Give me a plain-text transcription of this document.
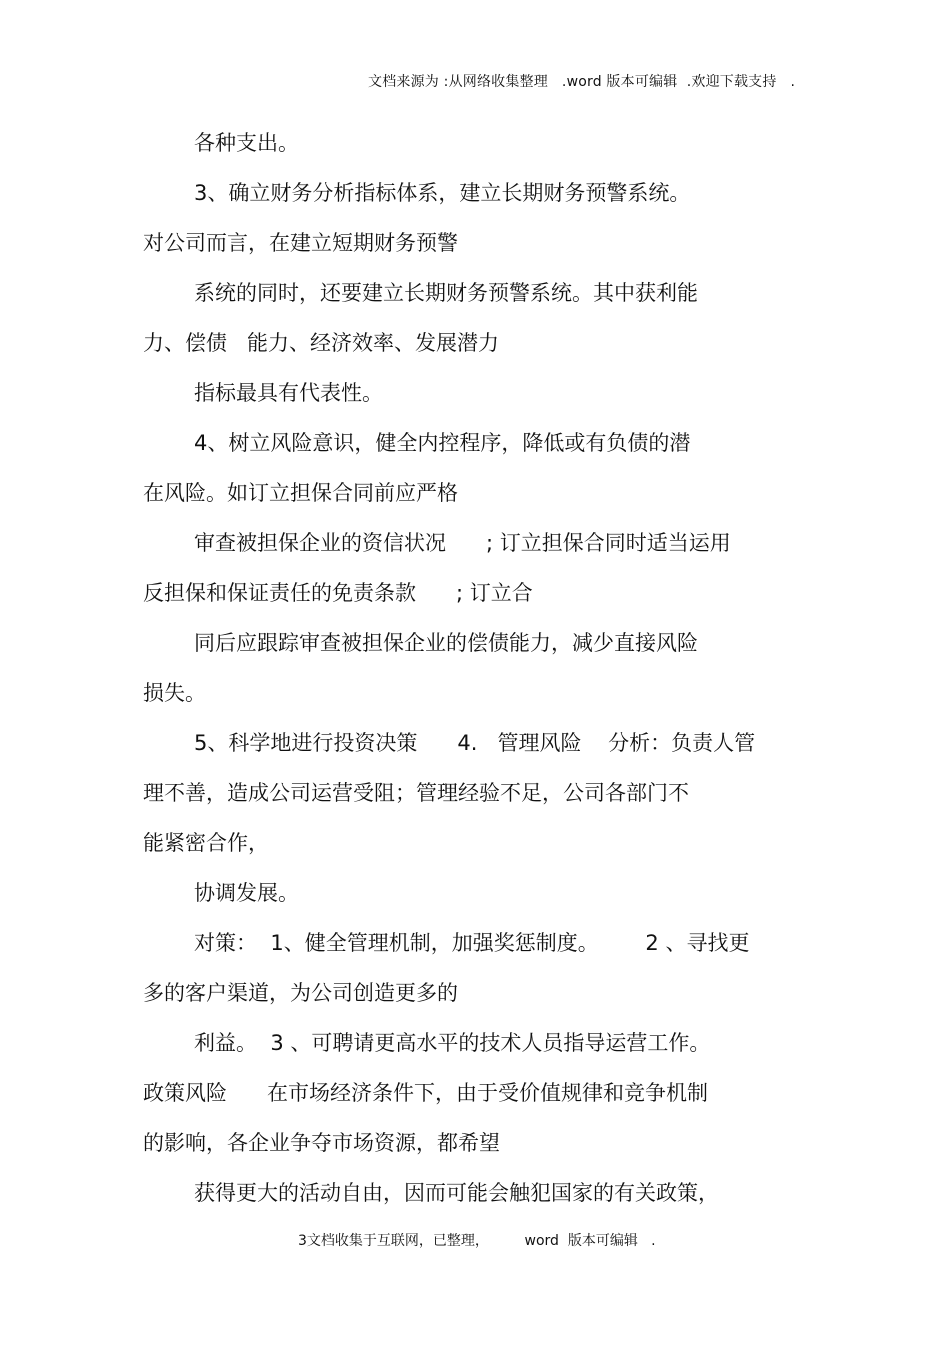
文档来源为 :从网络收集整理   .word 版本可编辑  .欢迎下载支持   .
各种支出。
3、确立财务分析指标体系，建立长期财务预警系统。
对公司而言，在建立短期财务预警
系统的同时，还要建立长期财务预警系统。其中获利能
力、偿债   能力、经济效率、发展潜力
指标最具有代表性。
4、树立风险意识，健全内控程序，降低或有负债的潜
在风险。如订立担保合同前应严格
审查被担保企业的资信状况      ; 订立担保合同时适当运用
反担保和保证责任的免责条款      ; 订立合
同后应跟踪审查被担保企业的偿债能力，减少直接风险
损失。
5、科学地进行投资决策      4.   管理风险    分析：负责人管
理不善，造成公司运营受阻；管理经验不足，公司各部门不
能紧密合作，
协调发展。
对策：  1、健全管理机制，加强奖惩制度。       2 、寻找更
多的客户渠道，为公司创造更多的
利益。  3 、可聘请更高水平的技术人员指导运营工作。
政策风险      在市场经济条件下，由于受价值规律和竞争机制
的影响，各企业争夺市场资源，都希望
获得更大的活动自由，因而可能会触犯国家的有关政策，
3文档收集于互联网，已整理，        word  版本可编辑   .
